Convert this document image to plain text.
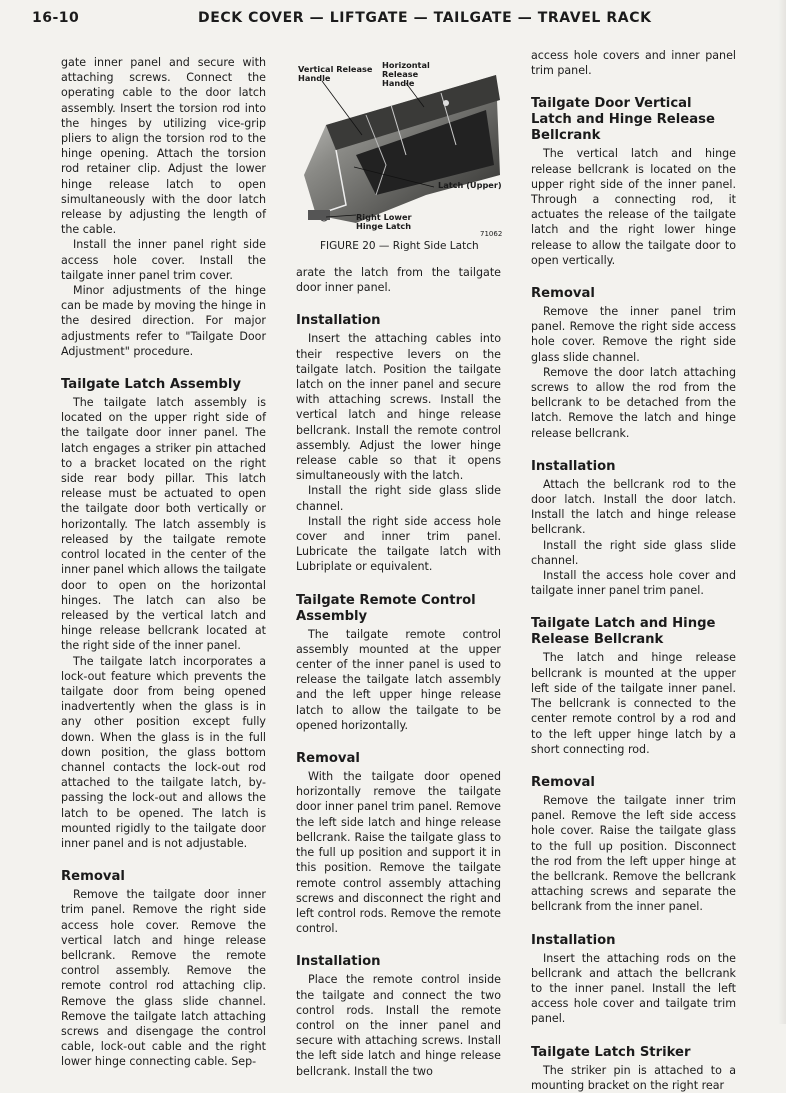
16-10	DECK COVER — LIFTGATE — TAILGATE — TRAVEL RACK

gate inner panel and secure with attaching screws. Connect the operating cable to the door latch assembly. Insert the torsion rod into the hinges by utilizing vice-grip pliers to align the torsion rod to the hinge opening. Attach the torsion rod retainer clip. Adjust the lower hinge release latch to open simultaneously with the door latch release by adjusting the length of the cable.

Install the inner panel right side access hole cover. Install the tailgate inner panel trim cover.

Minor adjustments of the hinge can be made by moving the hinge in the desired direction. For major adjustments refer to "Tailgate Door Adjustment" procedure.

Tailgate Latch Assembly

The tailgate latch assembly is located on the upper right side of the tailgate door inner panel. The latch engages a striker pin attached to a bracket located on the right side rear body pillar. This latch release must be actuated to open the tailgate door both vertically or horizontally. The latch assembly is released by the tailgate remote control located in the center of the inner panel which allows the tailgate door to open on the horizontal hinges. The latch can also be released by the vertical latch and hinge release bellcrank located at the right side of the inner panel.

The tailgate latch incorporates a lock-out feature which prevents the tailgate door from being opened inadvertently when the glass is in any other position except fully down. When the glass is in the full down position, the glass bottom channel contacts the lock-out rod attached to the tailgate latch, by-passing the lock-out and allows the latch to be opened. The latch is mounted rigidly to the tailgate door inner panel and is not adjustable.

Removal

Remove the tailgate door inner trim panel. Remove the right side access hole cover. Remove the vertical latch and hinge release bellcrank. Remove the remote control assembly. Remove the remote control rod attaching clip. Remove the glass slide channel. Remove the tailgate latch attaching screws and disengage the control cable, lock-out cable and the right lower hinge connecting cable. Sep-

Vertical Release Handle
Horizontal Release Handle
Latch (Upper)
Right Lower Hinge Latch
71062
FIGURE 20 — Right Side Latch

arate the latch from the tailgate door inner panel.

Installation

Insert the attaching cables into their respective levers on the tailgate latch. Position the tailgate latch on the inner panel and secure with attaching screws. Install the vertical latch and hinge release bellcrank. Install the remote control assembly. Adjust the lower hinge release cable so that it opens simultaneously with the latch.

Install the right side glass slide channel.

Install the right side access hole cover and inner trim panel. Lubricate the tailgate latch with Lubriplate or equivalent.

Tailgate Remote Control Assembly

The tailgate remote control assembly mounted at the upper center of the inner panel is used to release the tailgate latch assembly and the left upper hinge release latch to allow the tailgate to be opened horizontally.

Removal

With the tailgate door opened horizontally remove the tailgate door inner panel trim panel. Remove the left side latch and hinge release bellcrank. Raise the tailgate glass to the full up position and support it in this position. Remove the tailgate remote control assembly attaching screws and disconnect the right and left control rods. Remove the remote control.

Installation

Place the remote control inside the tailgate and connect the two control rods. Install the remote control on the inner panel and secure with attaching screws. Install the left side latch and hinge release bellcrank. Install the two

access hole covers and inner panel trim panel.

Tailgate Door Vertical Latch and Hinge Release Bellcrank

The vertical latch and hinge release bellcrank is located on the upper right side of the inner panel. Through a connecting rod, it actuates the release of the tailgate latch and the right lower hinge release to allow the tailgate door to open vertically.

Removal

Remove the inner panel trim panel. Remove the right side access hole cover. Remove the right side glass slide channel.

Remove the door latch attaching screws to allow the rod from the bellcrank to be detached from the latch. Remove the latch and hinge release bellcrank.

Installation

Attach the bellcrank rod to the door latch. Install the door latch. Install the latch and hinge release bellcrank.

Install the right side glass slide channel.

Install the access hole cover and tailgate inner panel trim panel.

Tailgate Latch and Hinge Release Bellcrank

The latch and hinge release bellcrank is mounted at the upper left side of the tailgate inner panel. The bellcrank is connected to the center remote control by a rod and to the left upper hinge latch by a short connecting rod.

Removal

Remove the tailgate inner trim panel. Remove the left side access hole cover. Raise the tailgate glass to the full up position. Disconnect the rod from the left upper hinge at the bellcrank. Remove the bellcrank attaching screws and separate the bellcrank from the inner panel.

Installation

Insert the attaching rods on the bellcrank and attach the bellcrank to the inner panel. Install the left access hole cover and tailgate trim panel.

Tailgate Latch Striker

The striker pin is attached to a mounting bracket on the right rear
